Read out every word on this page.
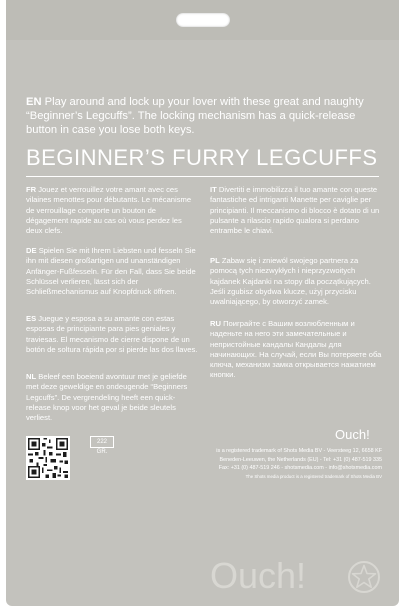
EN Play around and lock up your lover with these great and naughty “Beginner’s Legcuffs”. The locking mechanism has a quick-release button in case you lose both keys.

BEGINNER’S FURRY LEGCUFFS

FR Jouez et verrouillez votre amant avec ces vilaines menottes pour débutants. Le mécanisme de verrouillage comporte un bouton de dégagement rapide au cas où vous perdez les deux clefs.

DE Spielen Sie mit Ihrem Liebsten und fesseln Sie ihn mit diesen großartigen und unanständigen Anfänger-Fußfesseln. Für den Fall, dass Sie beide Schlüssel verlieren, lässt sich der Schließmechanismus auf Knopfdruck öffnen.

ES Juegue y esposa a su amante con estas esposas de principiante para pies geniales y traviesas. El mecanismo de cierre dispone de un botón de soltura rápida por si pierde las dos llaves.

NL Beleef een boeiend avontuur met je geliefde met deze geweldige en ondeugende “Beginners Legcuffs”. De vergrendeling heeft een quick-release knop voor het geval je beide sleutels verliest.

IT Divertiti e immobilizza il tuo amante con queste fantastiche ed intriganti Manette per caviglie per principianti. Il meccanismo di blocco è dotato di un pulsante a rilascio rapido qualora si perdano entrambe le chiavi.

PL Zabaw się i zniewól swojego partnera za pomocą tych niezwykłych i nieprzyzwoitych kajdanek Kajdanki na stopy dla początkujących. Jeśli zgubisz obydwa klucze, użyj przycisku uwalniającego, by otworzyć zamek.

RU Поиграйте с Вашим возлюбленным и наденьте на него эти замечательные и непристойные кандалы Кандалы для начинающих. На случай, если Вы потеряете оба ключа, механизм замка открывается нажатием кнопки.

Ouch!
is a registered trademark of Shots Media BV - Veersteeg 12, 6658 KF
Beneden-Leeuwen, the Netherlands (EU) - Tel: +31 (0) 487-519 335
Fax: +31 (0) 487-519 246 - shotsmedia.com - info@shotsmedia.com
The Shots media product is a registered trademark of Shots Media BV
222 GR.
Ouch!
